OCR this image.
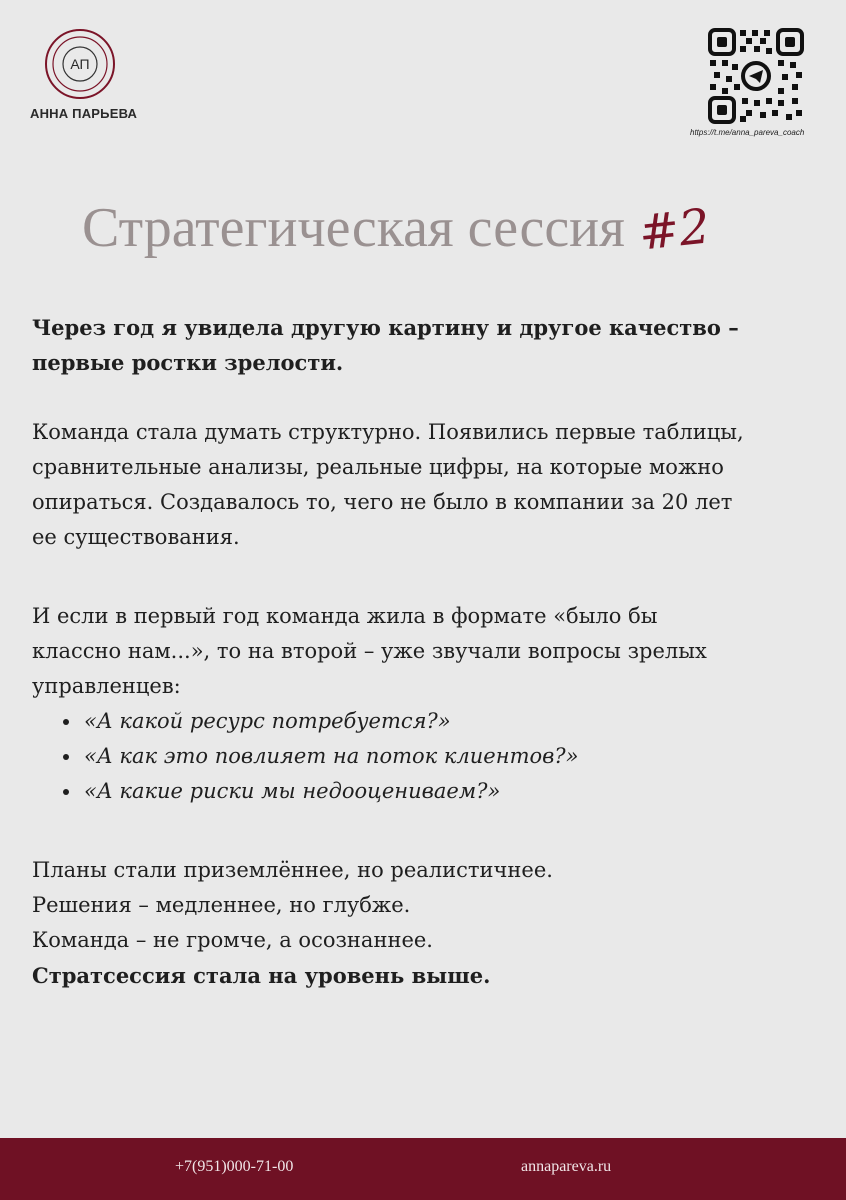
АП
АННА ПАРЬЕВА
https://t.me/anna_pareva_coach
Стратегическая сессия #2

Через год я увидела другую картину и другое качество –
первые ростки зрелости.

Команда стала думать структурно. Появились первые таблицы,
сравнительные анализы, реальные цифры, на которые можно
опираться. Создавалось то, чего не было в компании за 20 лет
ее существования.

И если в первый год команда жила в формате «было бы
классно нам...», то на второй – уже звучали вопросы зрелых
управленцев:

• «А какой ресурс потребуется?»
• «А как это повлияет на поток клиентов?»
• «А какие риски мы недооцениваем?»

Планы стали приземлённее, но реалистичнее.
Решения – медленнее, но глубже.
Команда – не громче, а осознаннее.
Стратсессия стала на уровень выше.

+7(951)000-71-00	annapareva.ru
